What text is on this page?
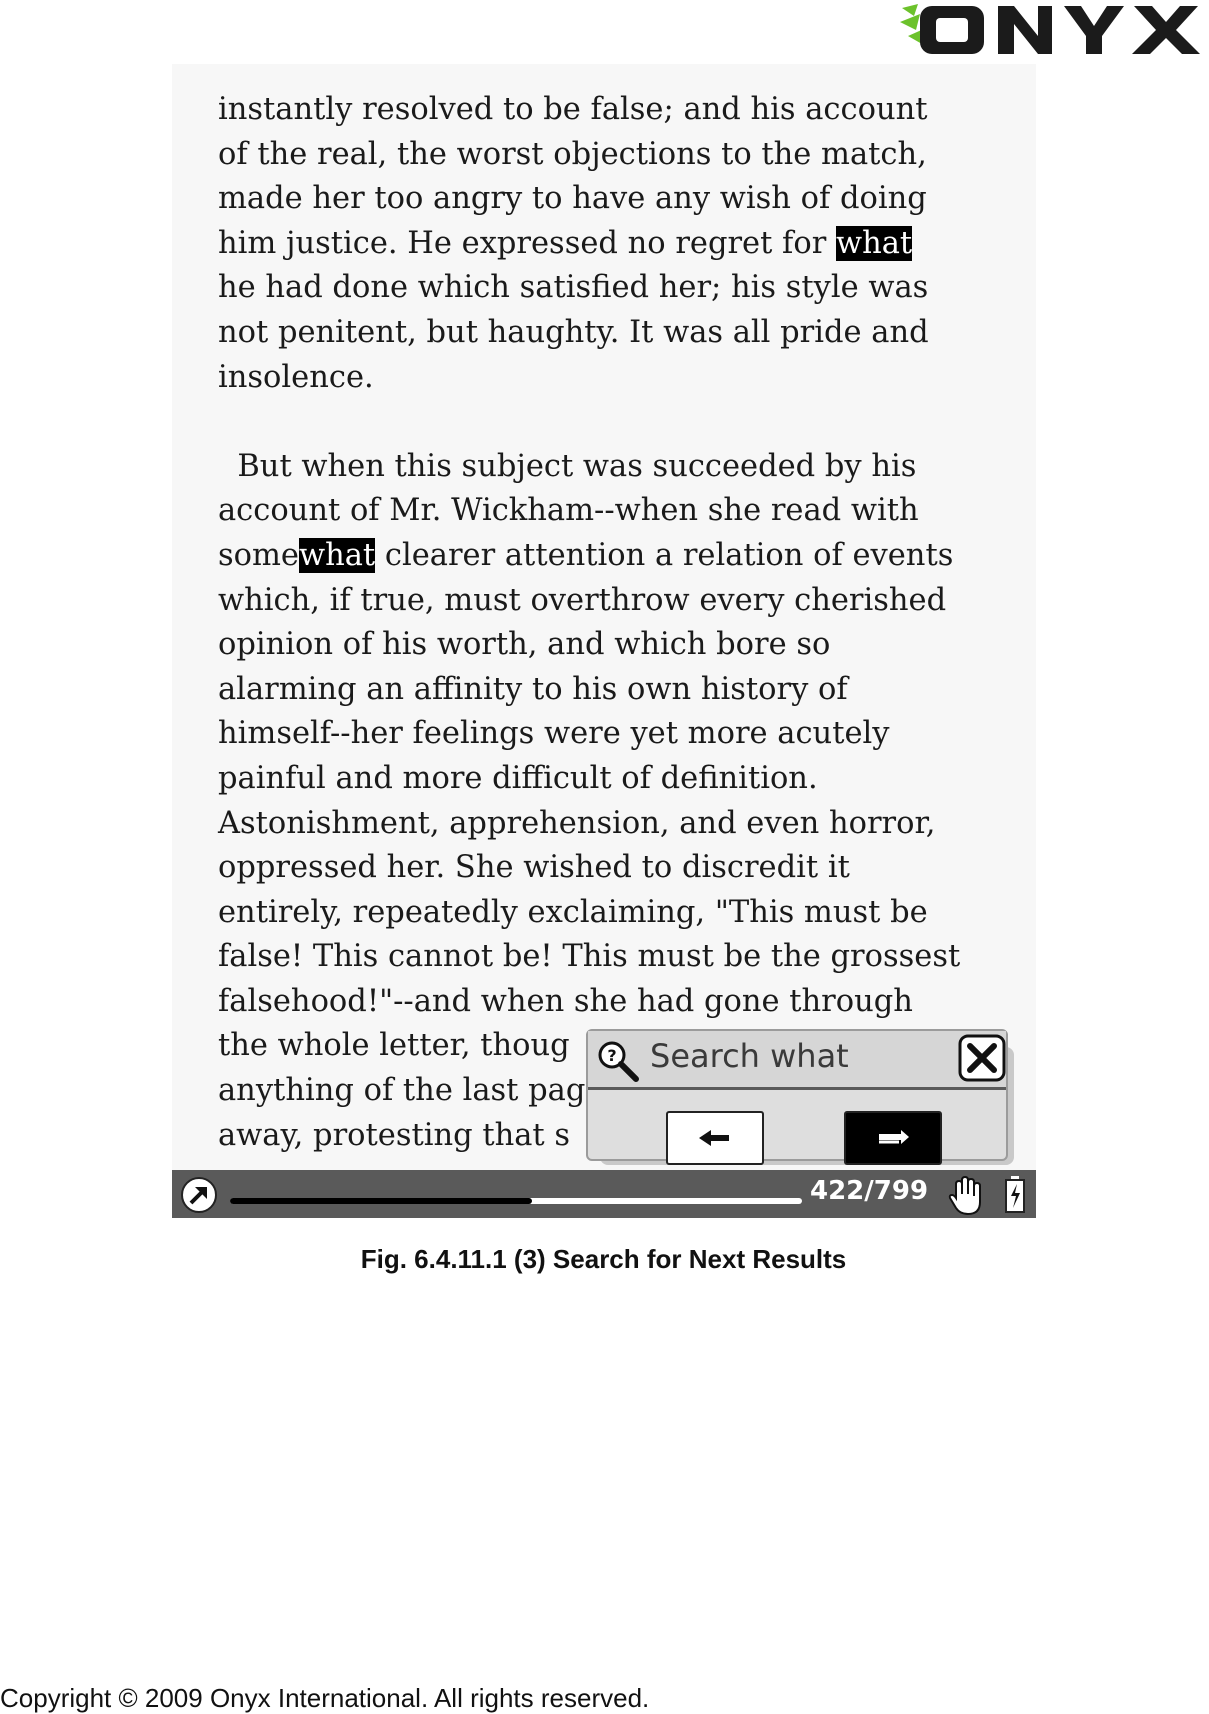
instantly resolved to be false; and his account
of the real, the worst objections to the match,
made her too angry to have any wish of doing
him justice. He expressed no regret for what
he had done which satisfied her; his style was
not penitent, but haughty. It was all pride and
insolence.
But when this subject was succeeded by his
account of Mr. Wickham--when she read with
somewhat clearer attention a relation of events
which, if true, must overthrow every cherished
opinion of his worth, and which bore so
alarming an affinity to his own history of
himself--her feelings were yet more acutely
painful and more difficult of definition.
Astonishment, apprehension, and even horror,
oppressed her. She wished to discredit it
entirely, repeatedly exclaiming, "This must be
false! This cannot be! This must be the grossest
falsehood!"--and when she had gone through
the whole letter, thoug
anything of the last pag
away, protesting that s
? Search what
422/799
Fig. 6.4.11.1 (3) Search for Next Results
Copyright © 2009 Onyx International. All rights reserved.
